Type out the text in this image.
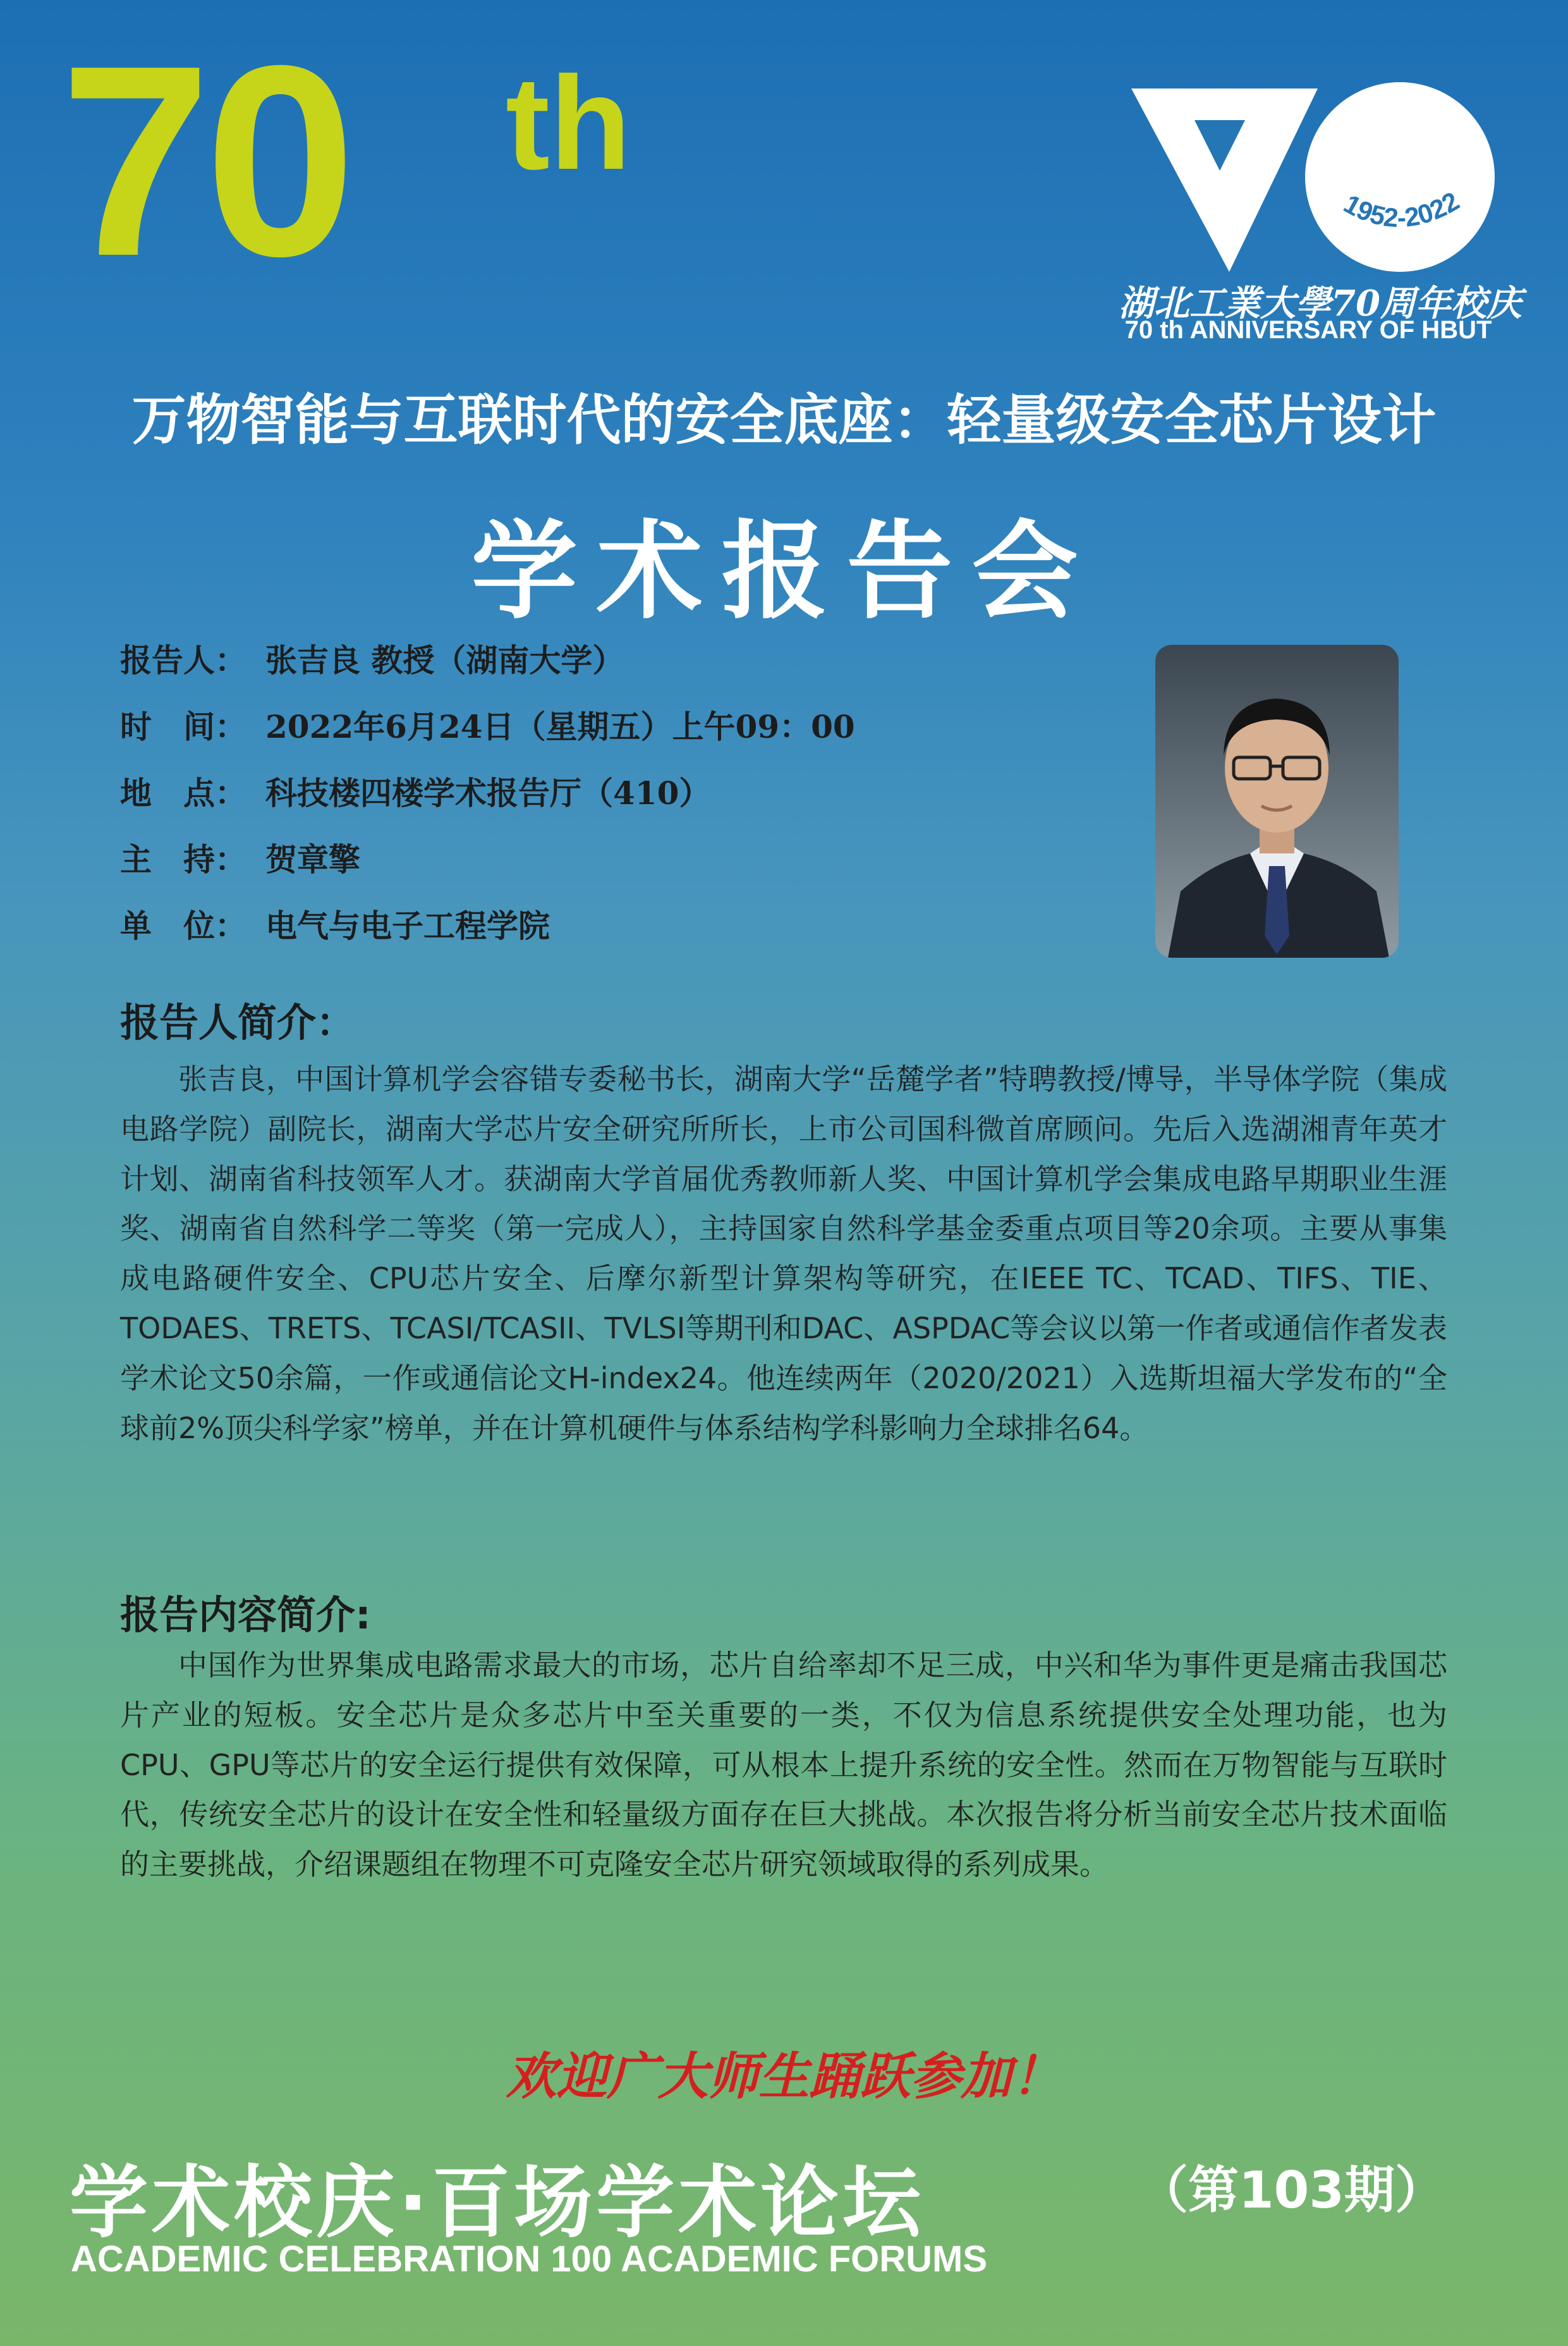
70 th
1952-2022
湖北工業大學70周年校庆
70 th ANNIVERSARY OF HBUT
万物智能与互联时代的安全底座：轻量级安全芯片设计
学术报告会
报告人： 张吉良 教授（湖南大学）
时　间： 2022年6月24日（星期五）上午09：00
地　点： 科技楼四楼学术报告厅（410）
主　持： 贺章擎
单　位： 电气与电子工程学院
报告人简介：
张吉良，中国计算机学会容错专委秘书长，湖南大学“岳麓学者”特聘教授/博导，半导体学院（集成电路学院）副院长，湖南大学芯片安全研究所所长，上市公司国科微首席顾问。先后入选湖湘青年英才计划、湖南省科技领军人才。获湖南大学首届优秀教师新人奖、中国计算机学会集成电路早期职业生涯奖、湖南省自然科学二等奖（第一完成人），主持国家自然科学基金委重点项目等20余项。主要从事集成电路硬件安全、CPU芯片安全、后摩尔新型计算架构等研究，在IEEE TC、TCAD、TIFS、TIE、TODAES、TRETS、TCASI/TCASII、TVLSI等期刊和DAC、ASPDAC等会议以第一作者或通信作者发表学术论文50余篇，一作或通信论文H-index24。他连续两年（2020/2021）入选斯坦福大学发布的“全球前2%顶尖科学家”榜单，并在计算机硬件与体系结构学科影响力全球排名64。
报告内容简介:
中国作为世界集成电路需求最大的市场，芯片自给率却不足三成，中兴和华为事件更是痛击我国芯片产业的短板。安全芯片是众多芯片中至关重要的一类，不仅为信息系统提供安全处理功能，也为CPU、GPU等芯片的安全运行提供有效保障，可从根本上提升系统的安全性。然而在万物智能与互联时代，传统安全芯片的设计在安全性和轻量级方面存在巨大挑战。本次报告将分析当前安全芯片技术面临的主要挑战，介绍课题组在物理不可克隆安全芯片研究领域取得的系列成果。
欢迎广大师生踊跃参加！
学术校庆·百场学术论坛	（第103期）
ACADEMIC CELEBRATION 100 ACADEMIC FORUMS
